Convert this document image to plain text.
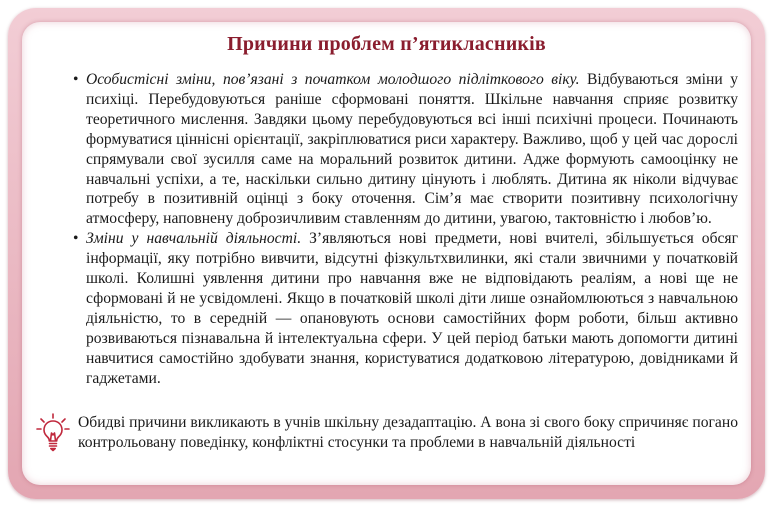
Причини проблем п’ятикласників
• Особистісні зміни, пов’язані з початком молодшого підліткового віку. Відбуваються зміни у психіці. Перебудовуються раніше сформовані поняття. Шкільне навчання сприяє розвитку теоретичного мислення. Завдяки цьому перебудовуються всі інші психічні процеси. Починають формуватися ціннісні орієнтації, закріплюватися риси характеру. Важливо, щоб у цей час дорослі спрямували свої зусилля саме на моральний розвиток дитини. Адже формують самооцінку не навчальні успіхи, а те, наскільки сильно дитину цінують і люблять. Дитина як ніколи відчуває потребу в позитивній оцінці з боку оточення. Сім’я має створити позитивну психологічну атмосферу, наповнену доброзичливим ставленням до дитини, увагою, тактовністю і любов’ю.
• Зміни у навчальній діяльності. З’являються нові предмети, нові вчителі, збільшується обсяг інформації, яку потрібно вивчити, відсутні фізкультхвилинки, які стали звичними у початковій школі. Колишні уявлення дитини про навчання вже не відповідають реаліям, а нові ще не сформовані й не усвідомлені. Якщо в початковій школі діти лише ознайомлюються з навчальною діяльністю, то в середній — опановують основи самостійних форм роботи, більш активно розвиваються пізнавальна й інтелектуальна сфери. У цей період батьки мають допомогти дитині навчитися самостійно здобувати знання, користуватися додатковою літературою, довідниками й гаджетами.
Обидві причини викликають в учнів шкільну дезадаптацію. А вона зі свого боку спричиняє погано контрольовану поведінку, конфліктні стосунки та проблеми в навчальній діяльності
